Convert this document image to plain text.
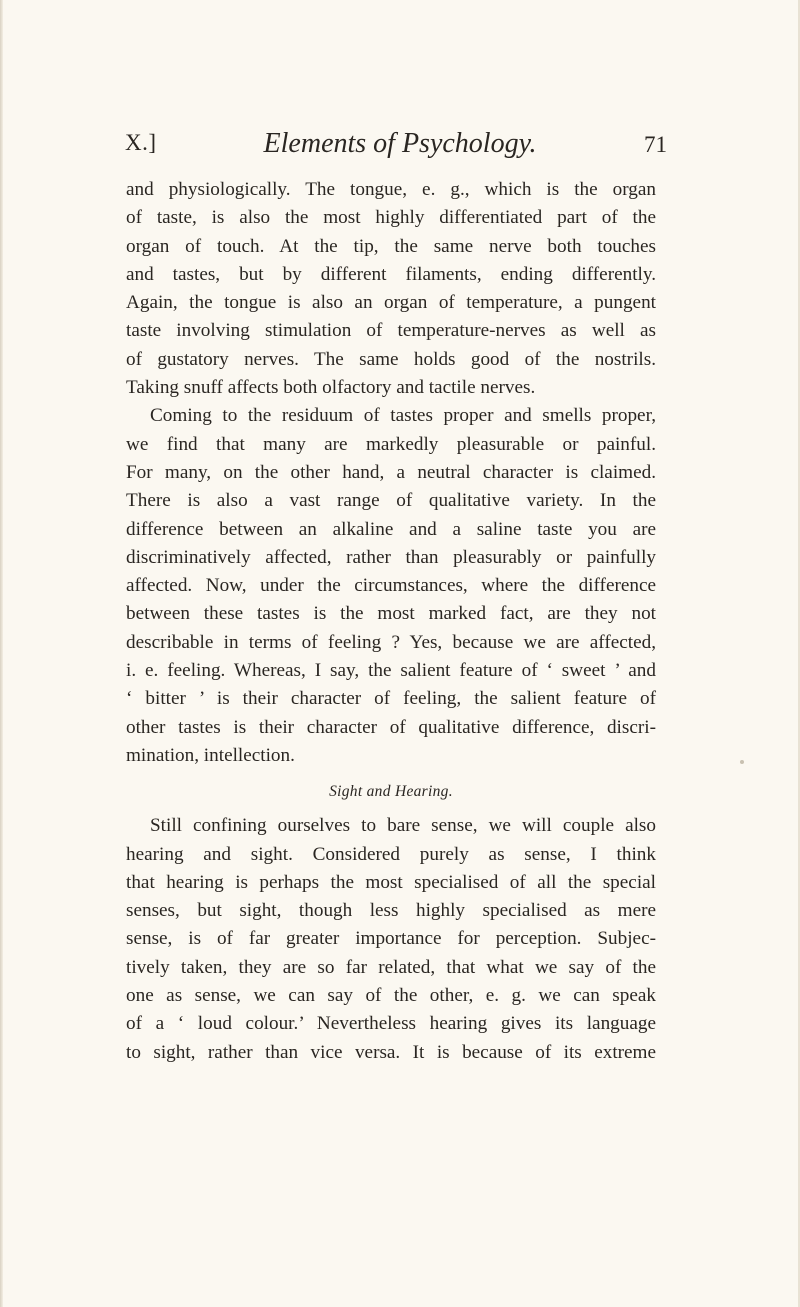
X.]	Elements of Psychology.	71
and physiologically. The tongue, e. g., which is the organ
of taste, is also the most highly differentiated part of the
organ of touch. At the tip, the same nerve both touches
and tastes, but by different filaments, ending differently.
Again, the tongue is also an organ of temperature, a pungent
taste involving stimulation of temperature-nerves as well as
of gustatory nerves. The same holds good of the nostrils.
Taking snuff affects both olfactory and tactile nerves.
Coming to the residuum of tastes proper and smells proper,
we find that many are markedly pleasurable or painful.
For many, on the other hand, a neutral character is claimed.
There is also a vast range of qualitative variety. In the
difference between an alkaline and a saline taste you are
discriminatively affected, rather than pleasurably or painfully
affected. Now, under the circumstances, where the difference
between these tastes is the most marked fact, are they not
describable in terms of feeling ? Yes, because we are affected,
i. e. feeling. Whereas, I say, the salient feature of ‘ sweet ’ and
‘ bitter ’ is their character of feeling, the salient feature of
other tastes is their character of qualitative difference, discri-
mination, intellection.
Sight and Hearing.
Still confining ourselves to bare sense, we will couple also
hearing and sight. Considered purely as sense, I think
that hearing is perhaps the most specialised of all the special
senses, but sight, though less highly specialised as mere
sense, is of far greater importance for perception. Subjec-
tively taken, they are so far related, that what we say of the
one as sense, we can say of the other, e. g. we can speak
of a ‘ loud colour.’ Nevertheless hearing gives its language
to sight, rather than vice versa. It is because of its extreme
